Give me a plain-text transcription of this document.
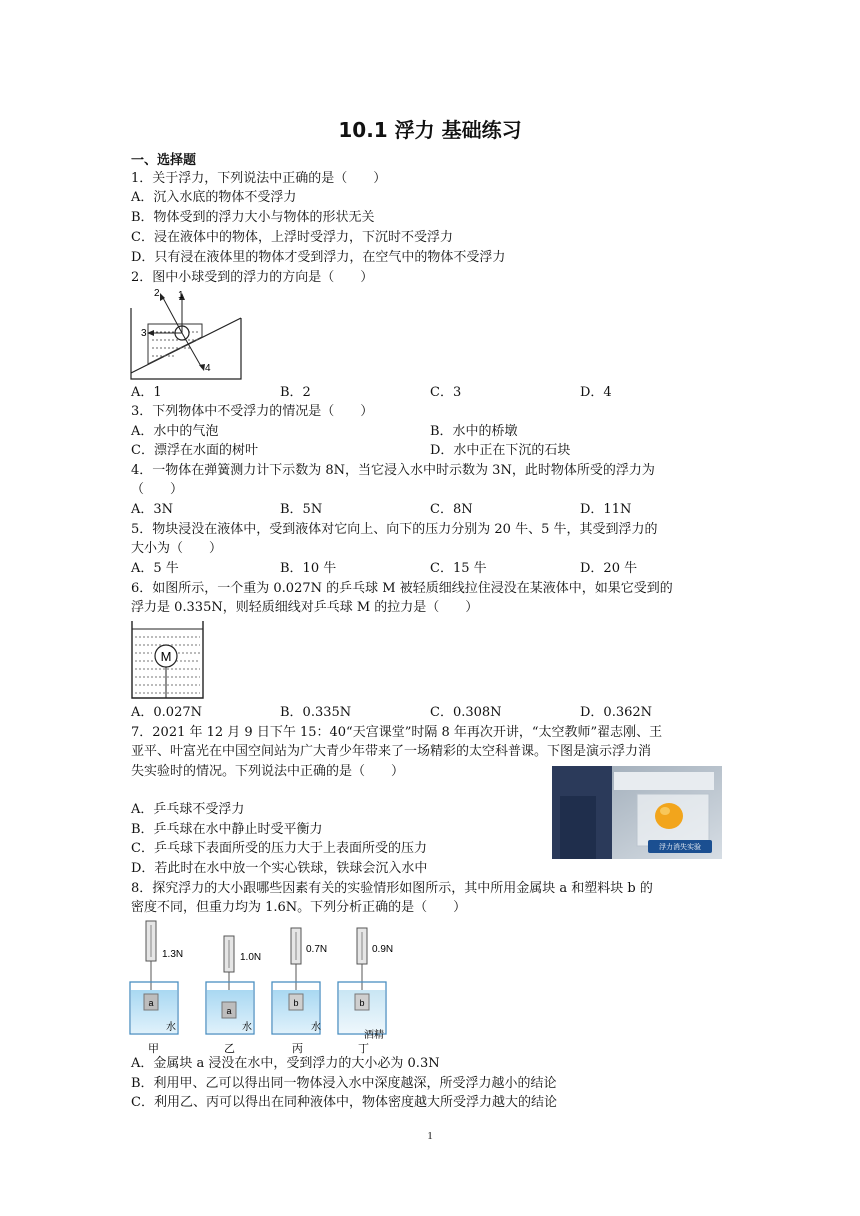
10.1 浮力 基础练习
一、选择题
1．关于浮力，下列说法中正确的是（　　）
A．沉入水底的物体不受浮力
B．物体受到的浮力大小与物体的形状无关
C．浸在液体中的物体，上浮时受浮力，下沉时不受浮力
D．只有浸在液体里的物体才受到浮力，在空气中的物体不受浮力
2．图中小球受到的浮力的方向是（　　）
1
2
3
4
A．1	B．2	C．3	D．4
3．下列物体中不受浮力的情况是（　　）
A．水中的气泡	B．水中的桥墩
C．漂浮在水面的树叶	D．水中正在下沉的石块
4．一物体在弹簧测力计下示数为 8N，当它浸入水中时示数为 3N，此时物体所受的浮力为
（　　）
A．3N	B．5N	C．8N	D．11N
5．物块浸没在液体中，受到液体对它向上、向下的压力分别为 20 牛、5 牛，其受到浮力的
大小为（　　）
A．5 牛	B．10 牛	C．15 牛	D．20 牛
6．如图所示，一个重为 0.027N 的乒乓球 M 被轻质细线拉住浸没在某液体中，如果它受到的
浮力是 0.335N，则轻质细线对乒乓球 M 的拉力是（　　）
M
A．0.027N	B．0.335N	C．0.308N	D．0.362N
7．2021 年 12 月 9 日下午 15：40“天宫课堂”时隔 8 年再次开讲，“太空教师”翟志刚、王
亚平、叶富光在中国空间站为广大青少年带来了一场精彩的太空科普课。下图是演示浮力消
失实验时的情况。下列说法中正确的是（　　）
浮力消失实验
A．乒乓球不受浮力
B．乒乓球在水中静止时受平衡力
C．乒乓球下表面所受的压力大于上表面所受的压力
D．若此时在水中放一个实心铁球，铁球会沉入水中
8．探究浮力的大小跟哪些因素有关的实验情形如图所示，其中所用金属块 a 和塑料块 b 的
密度不同，但重力均为 1.6N。下列分析正确的是（　　）
a
1.3N
水
甲
a
1.0N
水
乙
b
0.7N
水
丙
b
0.9N
酒精
丁
A．金属块 a 浸没在水中，受到浮力的大小必为 0.3N
B．利用甲、乙可以得出同一物体浸入水中深度越深，所受浮力越小的结论
C．利用乙、丙可以得出在同种液体中，物体密度越大所受浮力越大的结论
1
